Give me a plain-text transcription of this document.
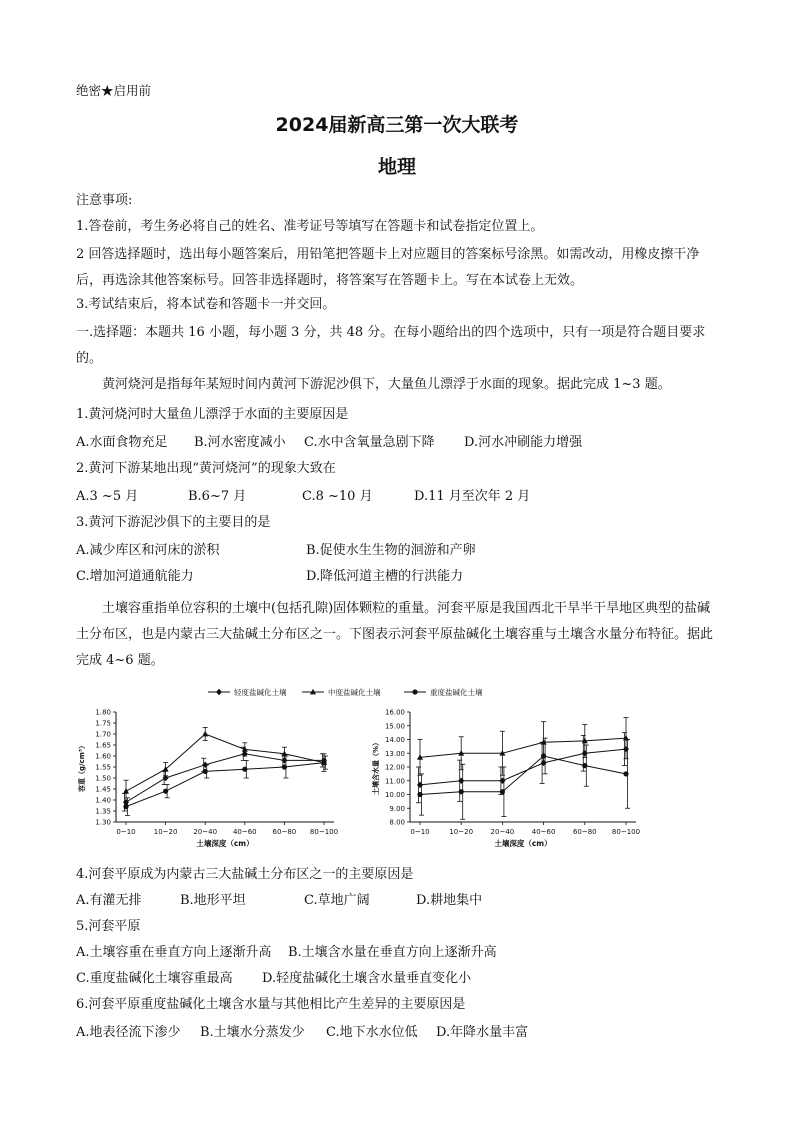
绝密★启用前
2024届新高三第一次大联考
地理
注意事项:
1.答卷前，考生务必将自己的姓名、准考证号等填写在答题卡和试卷指定位置上。
2 回答选择题时，选出每小题答案后，用铅笔把答题卡上对应题目的答案标号涂黑。如需改动，用橡皮擦干净后，再选涂其他答案标号。回答非选择题时，将答案写在答题卡上。写在本试卷上无效。
3.考试结束后，将本试卷和答题卡一并交回。
一.选择题：本题共 16 小题，每小题 3 分，共 48 分。在每小题给出的四个选项中，只有一项是符合题目要求的。
黄河烧河是指每年某短时间内黄河下游泥沙俱下，大量鱼儿漂浮于水面的现象。据此完成 1~3 题。
1.黄河烧河时大量鱼儿漂浮于水面的主要原因是
A.水面食物充足 B.河水密度减小 C.水中含氧量急剧下降 D.河水冲刷能力增强
2.黄河下游某地出现“黄河烧河”的现象大致在
A.3 ~5 月	B.6~7 月	C.8 ~10 月	D.11 月至次年 2 月
3.黄河下游泥沙俱下的主要目的是
A.减少库区和河床的淤积	B.促使水生生物的洄游和产卵
C.增加河道通航能力	D.降低河道主槽的行洪能力
土壤容重指单位容积的土壤中(包括孔隙)固体颗粒的重量。河套平原是我国西北干旱半干旱地区典型的盐碱土分布区，也是内蒙古三大盐碱土分布区之一。下图表示河套平原盐碱化土壤容重与土壤含水量分布特征。据此完成 4~6 题。
轻度盐碱化土壤	中度盐碱化土壤	重度盐碱化土壤
1.80
1.75
1.70
1.65
1.60
1.55
1.50
1.45
1.40
1.35
1.30
0~10	10~20 20~40 40~60 60~80 80~100
土壤深度（cm）
容重（g/cm³）
16.00
15.00
14.00
13.00
12.00
11.00
10.00
9.00
8.00
0~10	10~20	20~40	40~60	60~80 80~100
土壤深度（cm）
土壤含水量（%）
4.河套平原成为内蒙古三大盐碱土分布区之一的主要原因是
A.有灌无排	B.地形平坦	C.草地广阔	D.耕地集中
5.河套平原
A.土壤容重在垂直方向上逐渐升高 B.土壤含水量在垂直方向上逐渐升高
C.重度盐碱化土壤容重最高 D.轻度盐碱化土壤含水量垂直变化小
6.河套平原重度盐碱化土壤含水量与其他相比产生差异的主要原因是
A.地表径流下渗少 B.土壤水分蒸发少 C.地下水水位低 D.年降水量丰富
